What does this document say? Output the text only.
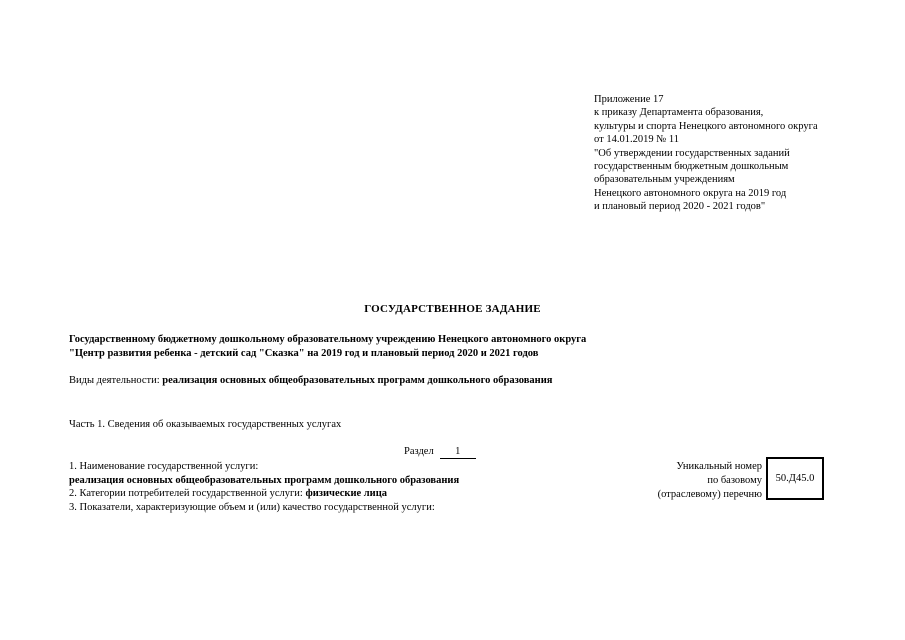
Приложение 17
к приказу Департамента образования,
культуры и спорта Ненецкого автономного округа
от 14.01.2019 № 11
"Об утверждении государственных заданий
государственным бюджетным дошкольным
образовательным учреждениям
Ненецкого автономного округа на 2019 год
и плановый период 2020 - 2021 годов"
ГОСУДАРСТВЕННОЕ ЗАДАНИЕ
Государственному бюджетному дошкольному образовательному учреждению Ненецкого автономного округа
"Центр развития ребенка - детский сад "Сказка" на 2019 год и плановый период 2020 и 2021 годов
Виды деятельности: реализация основных общеобразовательных программ дошкольного образования
Часть 1. Сведения об оказываемых государственных услугах
Раздел 1
1. Наименование государственной услуги:
реализация основных общеобразовательных программ дошкольного образования
2. Категории потребителей государственной услуги: физические лица
3. Показатели, характеризующие объем и (или) качество государственной услуги:
Уникальный номер
по базовому
(отраслевому) перечню
50.Д45.0
